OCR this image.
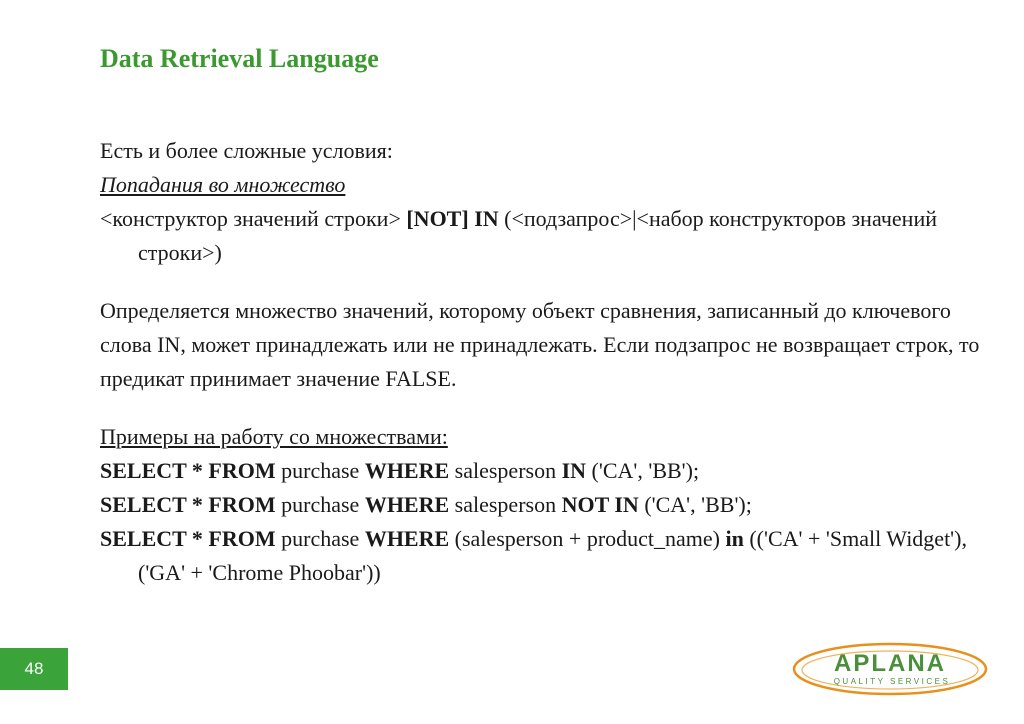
Data Retrieval Language

Есть и более сложные условия:

Попадания во множество

<конструктор значений строки> [NOT] IN (<подзапрос>|<набор конструкторов значений строки>)

Определяется множество значений, которому объект сравнения, записанный до ключевого слова IN, может принадлежать или не принадлежать. Если подзапрос не возвращает строк, то предикат принимает значение FALSE.

Примеры на работу со множествами:

SELECT * FROM purchase WHERE salesperson IN ('CA', 'BB');

SELECT * FROM purchase WHERE salesperson NOT IN ('CA', 'BB');

SELECT * FROM purchase WHERE (salesperson + product_name) in (('CA' + 'Small Widget'), ('GA' + 'Chrome Phoobar'))

48	APLANA
QUALITY SERVICES
